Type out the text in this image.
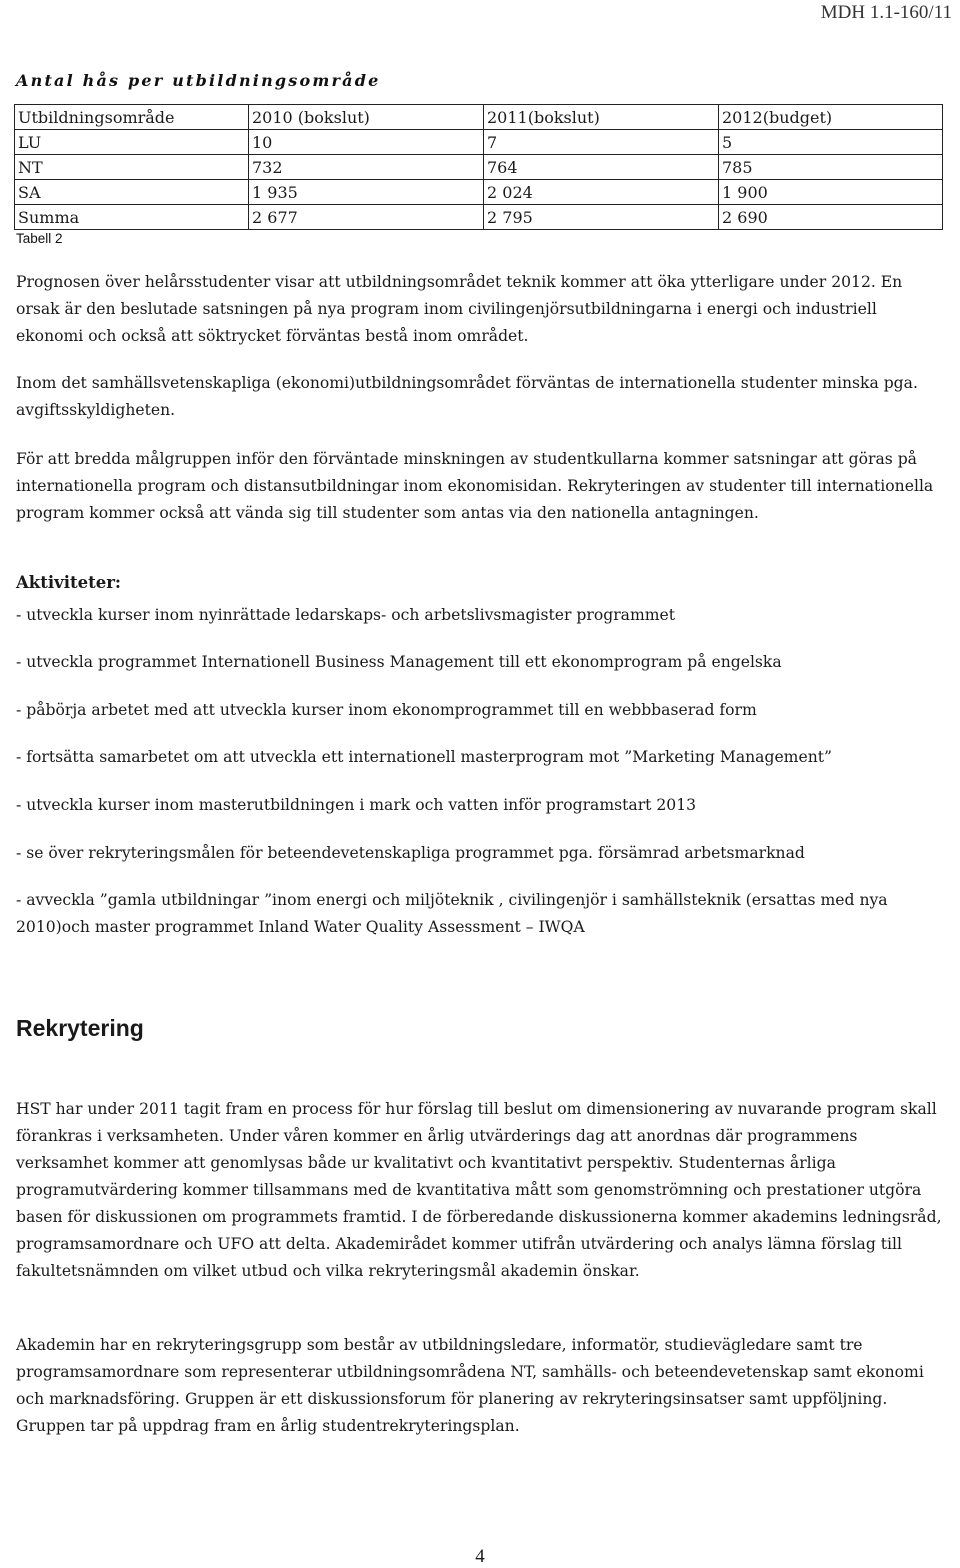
MDH 1.1-160/11
Antal hås per utbildningsområde
Utbildningsområde	2010 (bokslut)	2011(bokslut)	2012(budget)
LU	10	7	5
NT	732	764	785
SA	1 935	2 024	1 900
Summa	2 677	2 795	2 690
Tabell 2

Prognosen över helårsstudenter visar att utbildningsområdet teknik kommer att öka ytterligare under 2012. En orsak är den beslutade satsningen på nya program inom civilingenjörsutbildningarna i energi och industriell ekonomi och också att söktrycket förväntas bestå inom området.

Inom det samhällsvetenskapliga (ekonomi)utbildningsområdet förväntas de internationella studenter minska pga. avgiftsskyldigheten.

För att bredda målgruppen inför den förväntade minskningen av studentkullarna kommer satsningar att göras på internationella program och distansutbildningar inom ekonomisidan. Rekryteringen av studenter till internationella program kommer också att vända sig till studenter som antas via den nationella antagningen.

Aktiviteter:

- utveckla kurser inom nyinrättade ledarskaps- och arbetslivsmagister programmet

- utveckla programmet Internationell Business Management till ett ekonomprogram på engelska

- påbörja arbetet med att utveckla kurser inom ekonomprogrammet till en webbbaserad form

- fortsätta samarbetet om att utveckla ett internationell masterprogram mot ”Marketing Management”

- utveckla kurser inom masterutbildningen i mark och vatten inför programstart 2013

- se över rekryteringsmålen för beteendevetenskapliga programmet pga. försämrad arbetsmarknad

- avveckla ”gamla utbildningar ”inom energi och miljöteknik , civilingenjör i samhällsteknik (ersattas med nya 2010)och master programmet Inland Water Quality Assessment – IWQA

Rekrytering

HST har under 2011 tagit fram en process för hur förslag till beslut om dimensionering av nuvarande program skall förankras i verksamheten. Under våren kommer en årlig utvärderings dag att anordnas där programmens verksamhet kommer att genomlysas både ur kvalitativt och kvantitativt perspektiv. Studenternas årliga programutvärdering kommer tillsammans med de kvantitativa mått som genomströmning och prestationer utgöra basen för diskussionen om programmets framtid. I de förberedande diskussionerna kommer akademins ledningsråd, programsamordnare och UFO att delta. Akademirådet kommer utifrån utvärdering och analys lämna förslag till fakultetsnämnden om vilket utbud och vilka rekryteringsmål akademin önskar.

Akademin har en rekryteringsgrupp som består av utbildningsledare, informatör, studievägledare samt tre programsamordnare som representerar utbildningsområdena NT, samhälls- och beteendevetenskap samt ekonomi och marknadsföring. Gruppen är ett diskussionsforum för planering av rekryteringsinsatser samt uppföljning. Gruppen tar på uppdrag fram en årlig studentrekryteringsplan.

4
